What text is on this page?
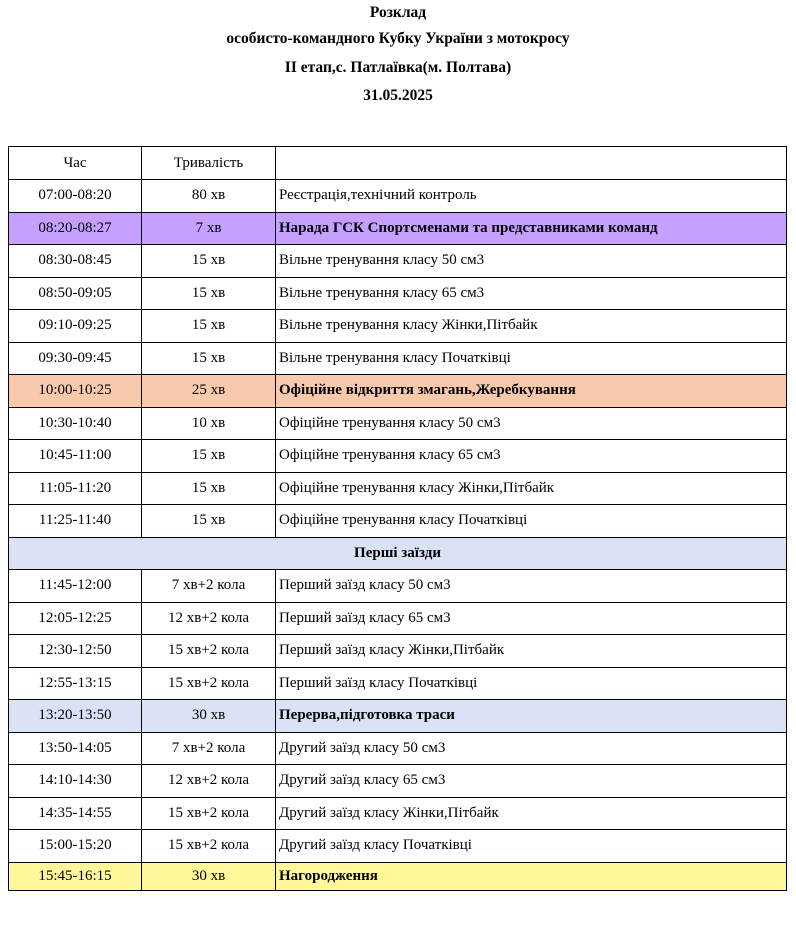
Розклад
особисто-командного Кубку України з мотокросу
ІІ етап,с. Патлаївка(м. Полтава)
31.05.2025
Час	Тривалість	
07:00-08:20	80 хв	Реєстрація,технічний контроль
08:20-08:27	7 хв	Нарада ГСК Спортсменами та представниками команд
08:30-08:45	15 хв	Вільне тренування класу 50 см3
08:50-09:05	15 хв	Вільне тренування класу 65 см3
09:10-09:25	15 хв	Вільне тренування класу Жінки,Пітбайк
09:30-09:45	15 хв	Вільне тренування класу Початківці
10:00-10:25	25 хв	Офіційне відкриття змагань,Жеребкування
10:30-10:40	10 хв	Офіційне тренування класу 50 см3
10:45-11:00	15 хв	Офіційне тренування класу 65 см3
11:05-11:20	15 хв	Офіційне тренування класу Жінки,Пітбайк
11:25-11:40	15 хв	Офіційне тренування класу Початківці
Перші заїзди		
11:45-12:00	7 хв+2 кола	Перший заїзд класу 50 см3
12:05-12:25	12 хв+2 кола	Перший заїзд класу 65 см3
12:30-12:50	15 хв+2 кола	Перший заїзд класу Жінки,Пітбайк
12:55-13:15	15 хв+2 кола	Перший заїзд класу Початківці
13:20-13:50	30 хв	Перерва,підготовка траси
13:50-14:05	7 хв+2 кола	Другий заїзд класу 50 см3
14:10-14:30	12 хв+2 кола	Другий заїзд класу 65 см3
14:35-14:55	15 хв+2 кола	Другий заїзд класу Жінки,Пітбайк
15:00-15:20	15 хв+2 кола	Другий заїзд класу Початківці
15:45-16:15	30 хв	Нагородження
